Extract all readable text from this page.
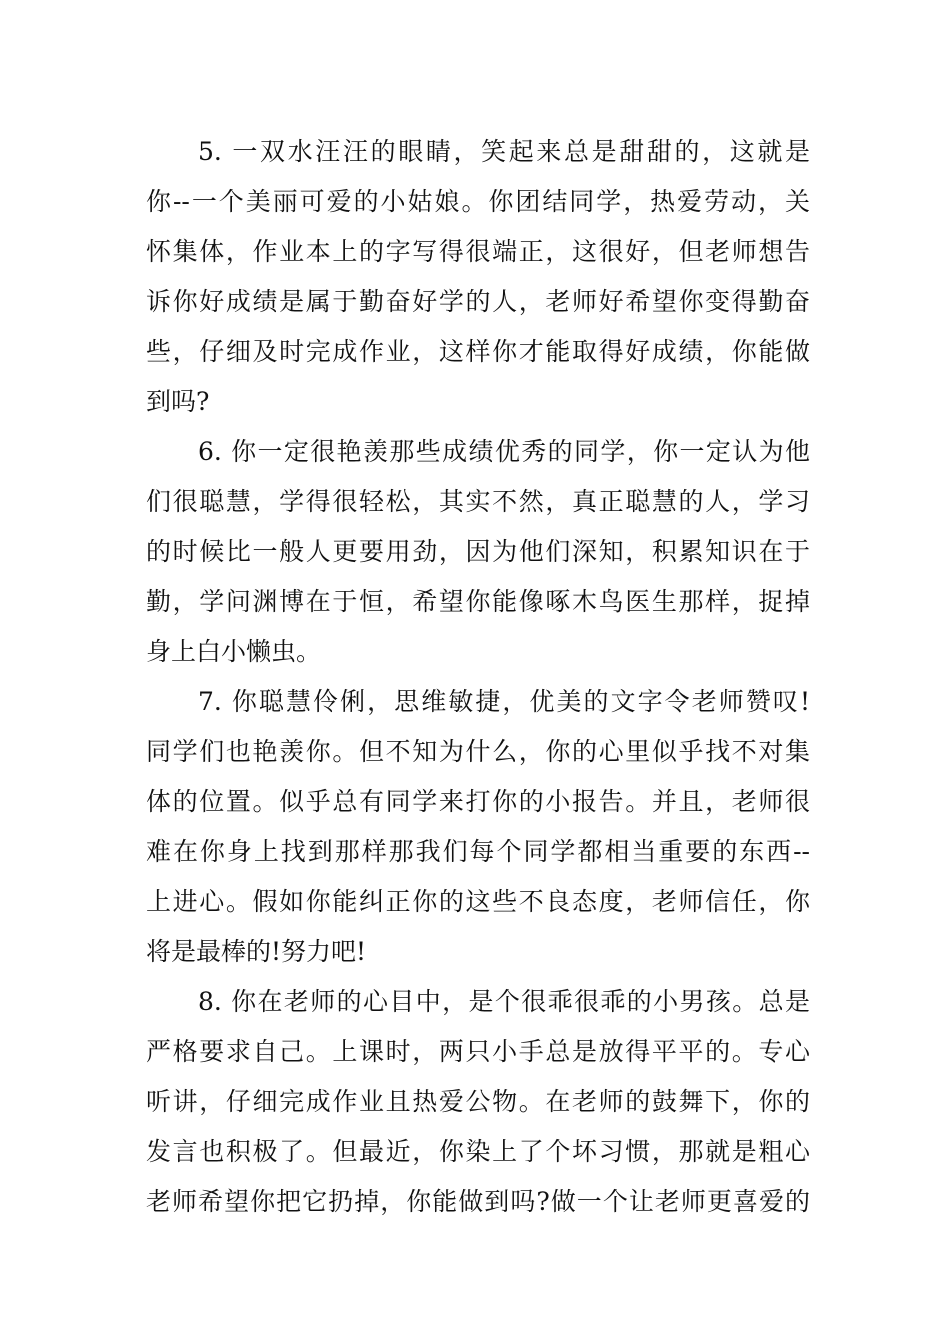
5. 一双水汪汪的眼睛，笑起来总是甜甜的，这就是
你--一个美丽可爱的小姑娘。你团结同学，热爱劳动，关
怀集体，作业本上的字写得很端正，这很好，但老师想告
诉你好成绩是属于勤奋好学的人，老师好希望你变得勤奋
些，仔细及时完成作业，这样你才能取得好成绩，你能做
到吗?
6. 你一定很艳羡那些成绩优秀的同学，你一定认为他
们很聪慧，学得很轻松，其实不然，真正聪慧的人，学习
的时候比一般人更要用劲，因为他们深知，积累知识在于
勤，学问渊博在于恒，希望你能像啄木鸟医生那样，捉掉
身上白小懒虫。
7. 你聪慧伶俐，思维敏捷，优美的文字令老师赞叹!
同学们也艳羡你。但不知为什么，你的心里似乎找不对集
体的位置。似乎总有同学来打你的小报告。并且，老师很
难在你身上找到那样那我们每个同学都相当重要的东西--
上进心。假如你能纠正你的这些不良态度，老师信任，你
将是最棒的!努力吧!
8. 你在老师的心目中，是个很乖很乖的小男孩。总是
严格要求自己。上课时，两只小手总是放得平平的。专心
听讲，仔细完成作业且热爱公物。在老师的鼓舞下，你的
发言也积极了。但最近，你染上了个坏习惯，那就是粗心
老师希望你把它扔掉，你能做到吗?做一个让老师更喜爱的
